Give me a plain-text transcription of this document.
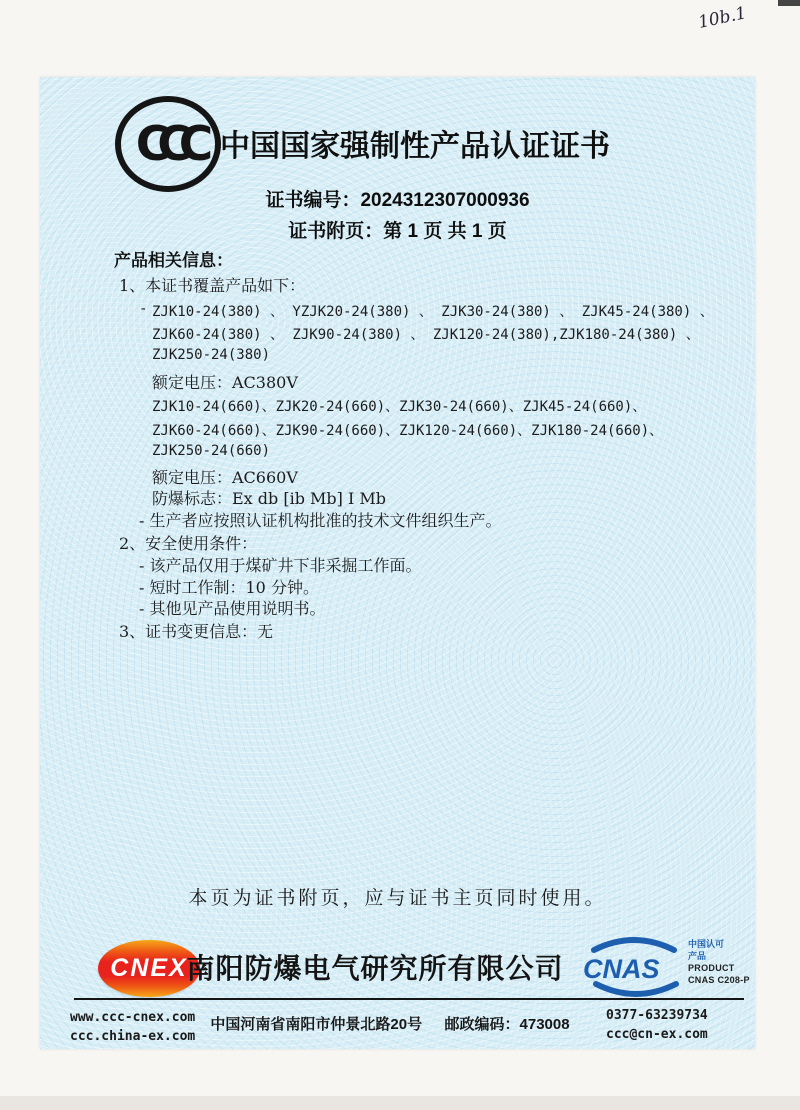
10b.1
CCC 中国国家强制性产品认证证书
证书编号：2024312307000936
证书附页：第 1 页 共 1 页
产品相关信息：
1、本证书覆盖产品如下：
- ZJK10-24(380) 、 YZJK20-24(380) 、 ZJK30-24(380) 、 ZJK45-24(380) 、
ZJK60-24(380) 、 ZJK90-24(380) 、 ZJK120-24(380),ZJK180-24(380) 、
ZJK250-24(380)
额定电压：AC380V
ZJK10-24(660)、ZJK20-24(660)、ZJK30-24(660)、ZJK45-24(660)、
ZJK60-24(660)、ZJK90-24(660)、ZJK120-24(660)、ZJK180-24(660)、
ZJK250-24(660)
额定电压：AC660V
防爆标志：Ex db [ib Mb] I Mb
- 生产者应按照认证机构批准的技术文件组织生产。
2、安全使用条件：
- 该产品仅用于煤矿井下非采掘工作面。
- 短时工作制：10 分钟。
- 其他见产品使用说明书。
3、证书变更信息：无
本页为证书附页，应与证书主页同时使用。
CNEX
南阳防爆电气研究所有限公司 CNAS
中国认可
产品
PRODUCT
CNAS C208-P
www.ccc-cnex.com
ccc.china-ex.com
中国河南省南阳市仲景北路20号 邮政编码：473008
0377-63239734
ccc@cn-ex.com
